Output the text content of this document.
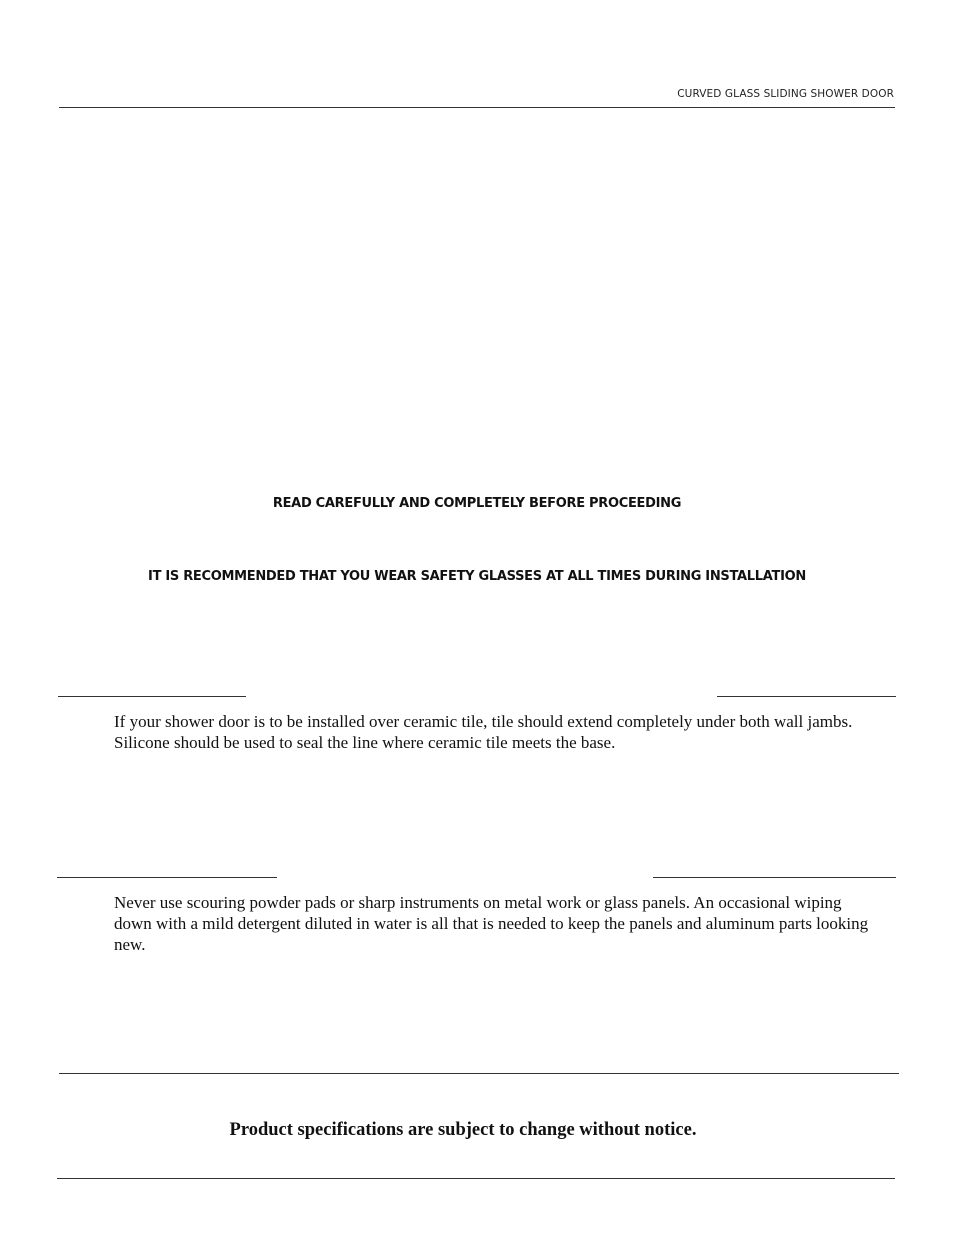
CURVED GLASS SLIDING SHOWER DOOR
READ CAREFULLY AND COMPLETELY BEFORE PROCEEDING
IT IS RECOMMENDED THAT YOU WEAR SAFETY GLASSES AT ALL TIMES DURING INSTALLATION
If your shower door is to be installed over ceramic tile, tile should extend completely under both wall jambs. Silicone should be used to seal the line where ceramic tile meets the base.
Never use scouring powder pads or sharp instruments on metal work or glass panels. An occasional wiping down with a mild detergent diluted in water is all that is needed to keep the panels and aluminum parts looking new.
Product specifications are subject to change without notice.
